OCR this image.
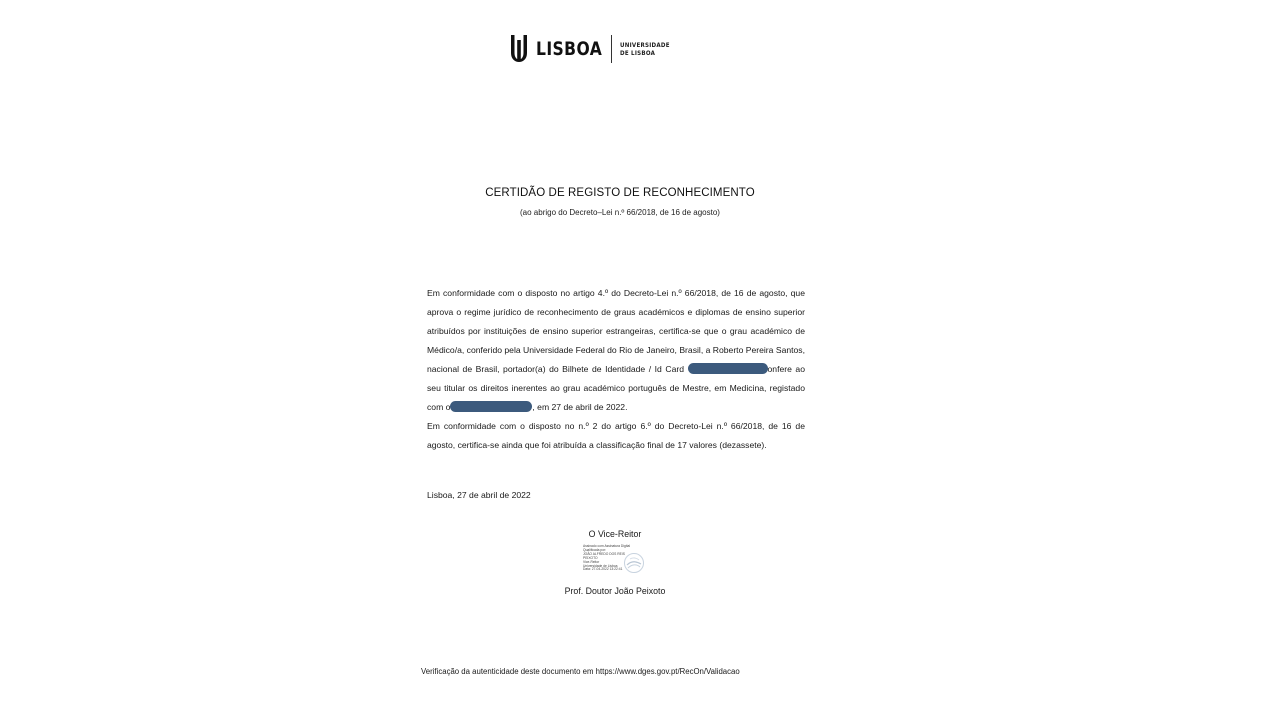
LISBOA	UNIVERSIDADE
DE LISBOA
CERTIDÃO DE REGISTO DE RECONHECIMENTO
(ao abrigo do Decreto–Lei n.º 66/2018, de 16 de agosto)

Em conformidade com o disposto no artigo 4.º do Decreto-Lei n.º 66/2018, de 16 de agosto, que aprova o regime jurídico de reconhecimento de graus académicos e diplomas de ensino superior atribuídos por instituições de ensino superior estrangeiras, certifica-se que o grau académico de Médico/a, conferido pela Universidade Federal do Rio de Janeiro, Brasil, a Roberto Pereira Santos, nacional de Brasil, portador(a) do Bilhete de Identidade / Id Card	onfere ao seu titular os direitos inerentes ao grau académico português de Mestre, em Medicina, registado com o	, em 27 de abril de 2022.

Em conformidade com o disposto no n.º 2 do artigo 6.º do Decreto-Lei n.º 66/2018, de 16 de agosto, certifica-se ainda que foi atribuída a classificação final de 17 valores (dezassete).

Lisboa, 27 de abril de 2022
O Vice-Reitor
Assinado com Assinatura Digital
Qualificada por:
JOÃO ALFREDO DOS REIS
PEIXOTO
Vice-Reitor
Universidade de Lisboa
Data: 27-04-2022 13:22:41
Prof. Doutor João Peixoto
Verificação da autenticidade deste documento em https://www.dges.gov.pt/RecOn/Validacao
